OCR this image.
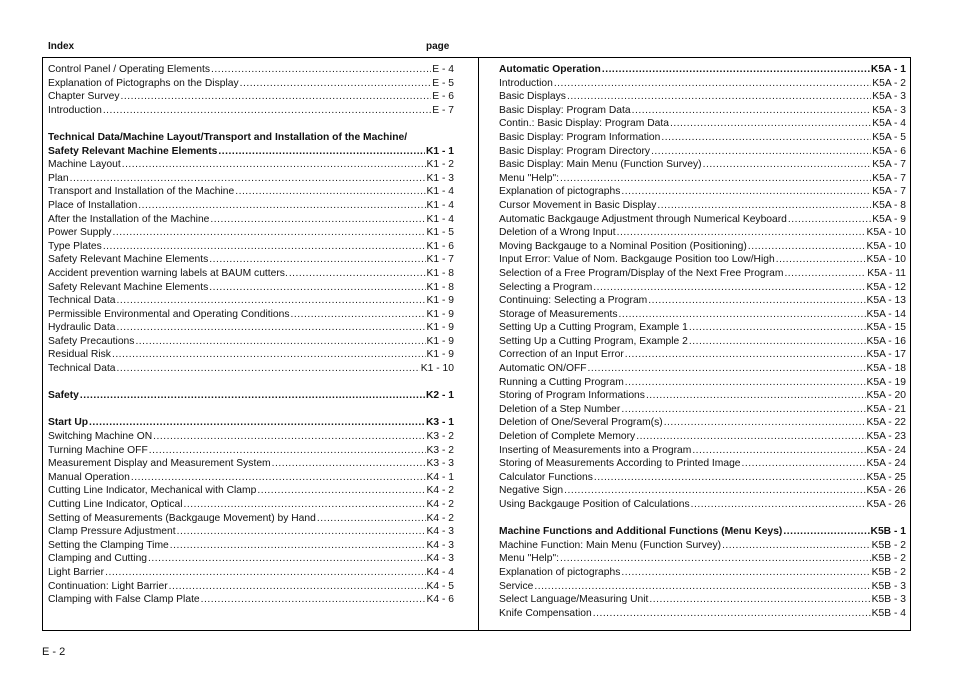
Index	page
Control Panel / Operating Elements .....	E - 4
Explanation of Pictographs on the Display .....	E - 5
Chapter Survey .....	E - 6
Introduction .....	E - 7
Technical Data/Machine Layout/Transport and Installation of the Machine/
Safety Relevant Machine Elements .....	K1 - 1
Machine Layout .....	K1 - 2
Plan .....	K1 - 3
Transport and Installation of the Machine .....	K1 - 4
Place of Installation .....	K1 - 4
After the Installation of the Machine .....	K1 - 4
Power Supply .....	K1 - 5
Type Plates .....	K1 - 6
Safety Relevant Machine Elements .....	K1 - 7
Accident prevention warning labels at BAUM cutters. .....	K1 - 8
Safety Relevant Machine Elements .....	K1 - 8
Technical Data .....	K1 - 9
Permissible Environmental and Operating Conditions .....	K1 - 9
Hydraulic Data .....	K1 - 9
Safety Precautions .....	K1 - 9
Residual Risk .....	K1 - 9
Technical Data .....	K1 - 10
Safety .....	K2 - 1
Start Up .....	K3 - 1
Switching Machine ON .....	K3 - 2
Turning Machine OFF .....	K3 - 2
Measurement Display and Measurement System .....	K3 - 3
Manual Operation .....	K4 - 1
Cutting Line Indicator, Mechanical with Clamp .....	K4 - 2
Cutting Line Indicator, Optical .....	K4 - 2
Setting of Measurements (Backgauge Movement) by Hand .....	K4 - 2
Clamp Pressure Adjustment .....	K4 - 3
Setting the Clamping Time .....	K4 - 3
Clamping and Cutting .....	K4 - 3
Light Barrier .....	K4 - 4
Continuation: Light Barrier .....	K4 - 5
Clamping with False Clamp Plate .....	K4 - 6
Automatic Operation .....	K5A - 1
Introduction .....	K5A - 2
Basic Displays .....	K5A - 3
Basic Display: Program Data .....	K5A - 3
Contin.: Basic Display: Program Data .....	K5A - 4
Basic Display: Program Information .....	K5A - 5
Basic Display: Program Directory .....	K5A - 6
Basic Display: Main Menu (Function Survey) .....	K5A - 7
Menu "Help": .....	K5A - 7
Explanation of pictographs .....	K5A - 7
Cursor Movement in Basic Display .....	K5A - 8
Automatic Backgauge Adjustment through Numerical Keyboard .....	K5A - 9
Deletion of a Wrong Input .....	K5A - 10
Moving Backgauge to a Nominal Position (Positioning) .....	K5A - 10
Input Error: Value of Nom. Backgauge Position too Low/High .....	K5A - 10
Selection of a Free Program/Display of the Next Free Program .....	K5A - 11
Selecting a Program .....	K5A - 12
Continuing: Selecting a Program .....	K5A - 13
Storage of Measurements .....	K5A - 14
Setting Up a Cutting Program, Example 1 .....	K5A - 15
Setting Up a Cutting Program, Example 2 .....	K5A - 16
Correction of an Input Error .....	K5A - 17
Automatic ON/OFF .....	K5A - 18
Running a Cutting Program .....	K5A - 19
Storing of Program Informations .....	K5A - 20
Deletion of a Step Number .....	K5A - 21
Deletion of One/Several Program(s) .....	K5A - 22
Deletion of Complete Memory .....	K5A - 23
Inserting of Measurements into a Program .....	K5A - 24
Storing of Measurements According to Printed Image .....	K5A - 24
Calculator Functions .....	K5A - 25
Negative Sign .....	K5A - 26
Using Backgauge Position of Calculations .....	K5A - 26
Machine Functions and Additional Functions (Menu Keys) .....	K5B - 1
Machine Function: Main Menu (Function Survey) .....	K5B - 2
Menu "Help": .....	K5B - 2
Explanation of pictographs .....	K5B - 2
Service .....	K5B - 3
Select Language/Measuring Unit .....	K5B - 3
Knife Compensation .....	K5B - 4
E - 2
